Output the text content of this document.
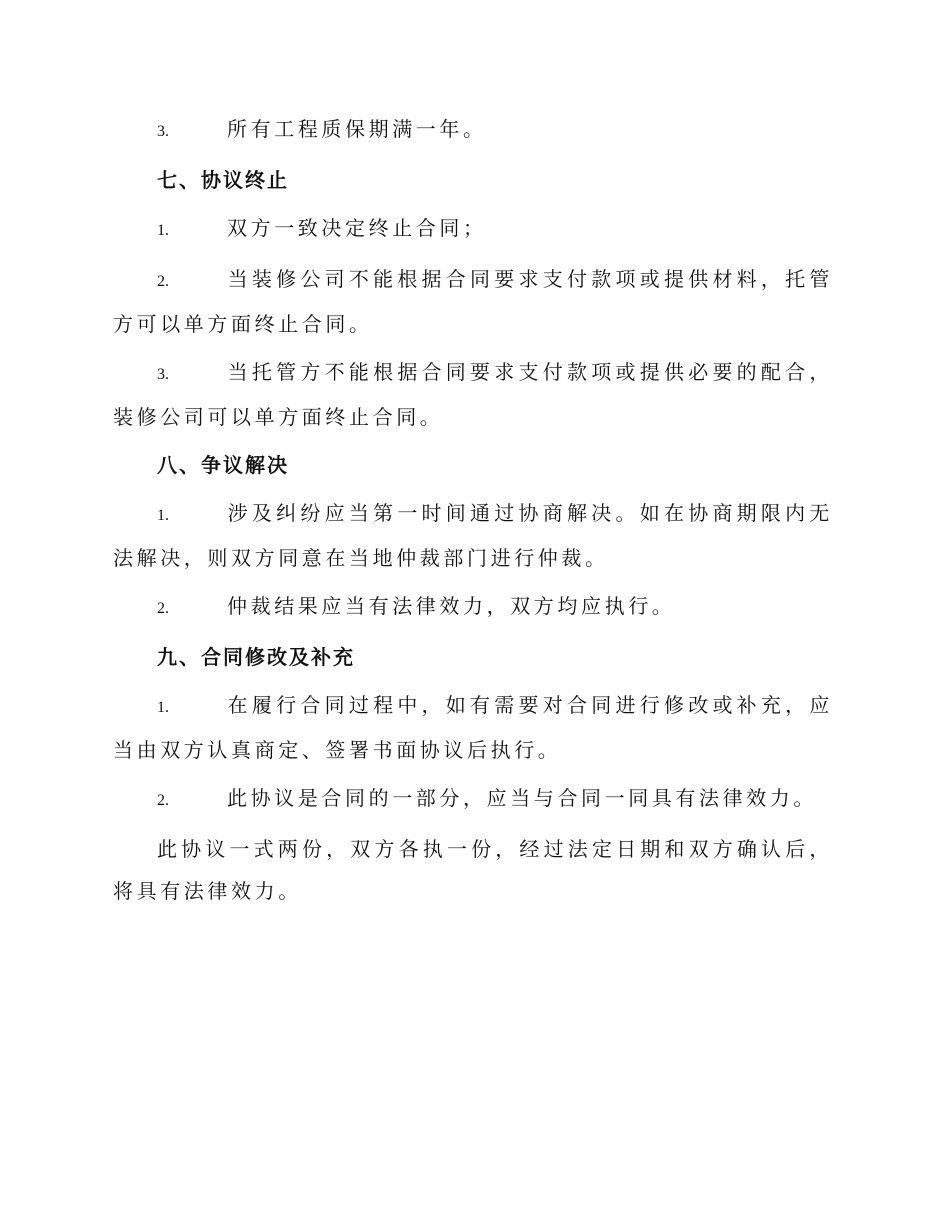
3.	所有工程质保期满一年。

七、协议终止

1.	双方一致决定终止合同；

2.	当装修公司不能根据合同要求支付款项或提供材料，托管方可以单方面终止合同。

3.	当托管方不能根据合同要求支付款项或提供必要的配合，装修公司可以单方面终止合同。

八、争议解决

1.	涉及纠纷应当第一时间通过协商解决。如在协商期限内无法解决，则双方同意在当地仲裁部门进行仲裁。

2.	仲裁结果应当有法律效力，双方均应执行。

九、合同修改及补充

1.	在履行合同过程中，如有需要对合同进行修改或补充，应当由双方认真商定、签署书面协议后执行。

2.	此协议是合同的一部分，应当与合同一同具有法律效力。

此协议一式两份，双方各执一份，经过法定日期和双方确认后，将具有法律效力。
